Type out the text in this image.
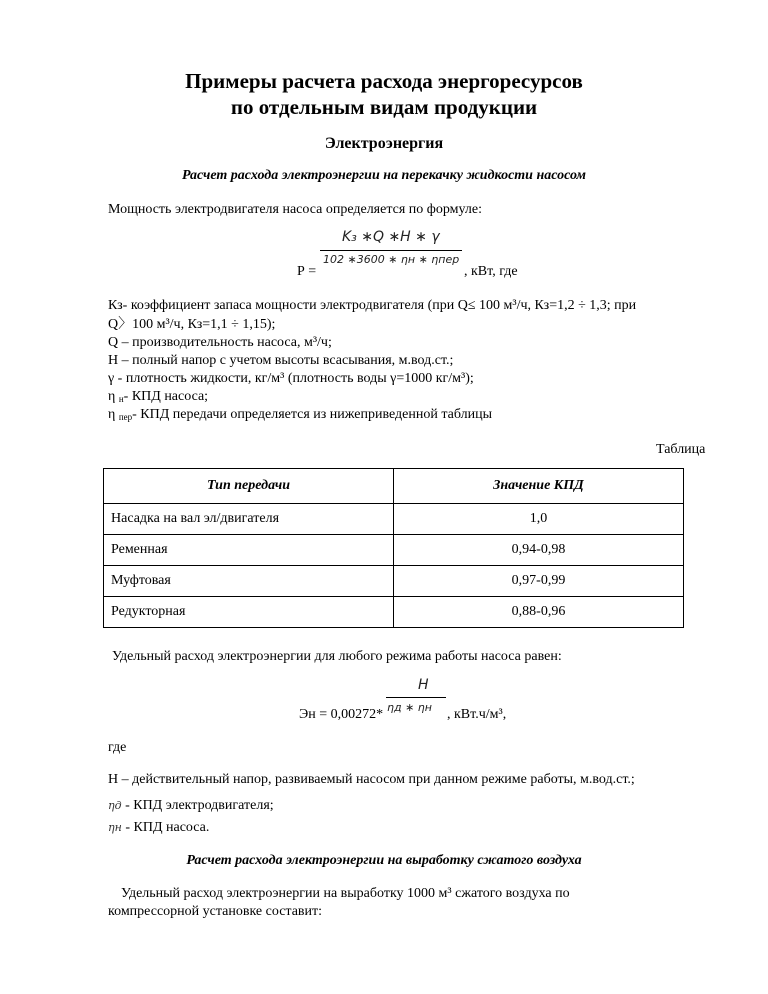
Примеры расчета расхода энергоресурсов
по отдельным видам продукции
Электроэнергия
Расчет расхода электроэнергии на перекачку жидкости насосом
Мощность электродвигателя насоса определяется по формуле:
K₃ ∗Q ∗H ∗ γ
102 ∗3600 ∗ ηн ∗ ηпер
Р =	, кВт, где
Кз- коэффициент запаса мощности электродвигателя (при Q≤ 100 м³/ч, Кз=1,2 ÷ 1,3; при
Q〉100 м³/ч, Кз=1,1 ÷ 1,15);
Q – производительность насоса, м³/ч;
Н – полный напор с учетом высоты всасывания, м.вод.ст.;
γ - плотность жидкости, кг/м³ (плотность воды γ=1000 кг/м³);
η $_н$- КПД насоса;
η $_{пер}$- КПД передачи определяется из нижеприведенной таблицы
Таблица
Тип передачи	Значение КПД
Насадка на вал эл/двигателя	1,0
Ременная	0,94-0,98
Муфтовая	0,97-0,99
Редукторная	0,88-0,96
Удельный расход электроэнергии для любого режима работы насоса равен:
H
Эн = 0,00272* ηд ∗ ηн , кВт.ч/м³,
где
Н – действительный напор, развиваемый насосом при данном режиме работы, м.вод.ст.;
ηд - КПД электродвигателя;
ηн - КПД насоса.
Расчет расхода электроэнергии на выработку сжатого воздуха
Удельный расход электроэнергии на выработку 1000 м³ сжатого воздуха по
компрессорной установке составит:
